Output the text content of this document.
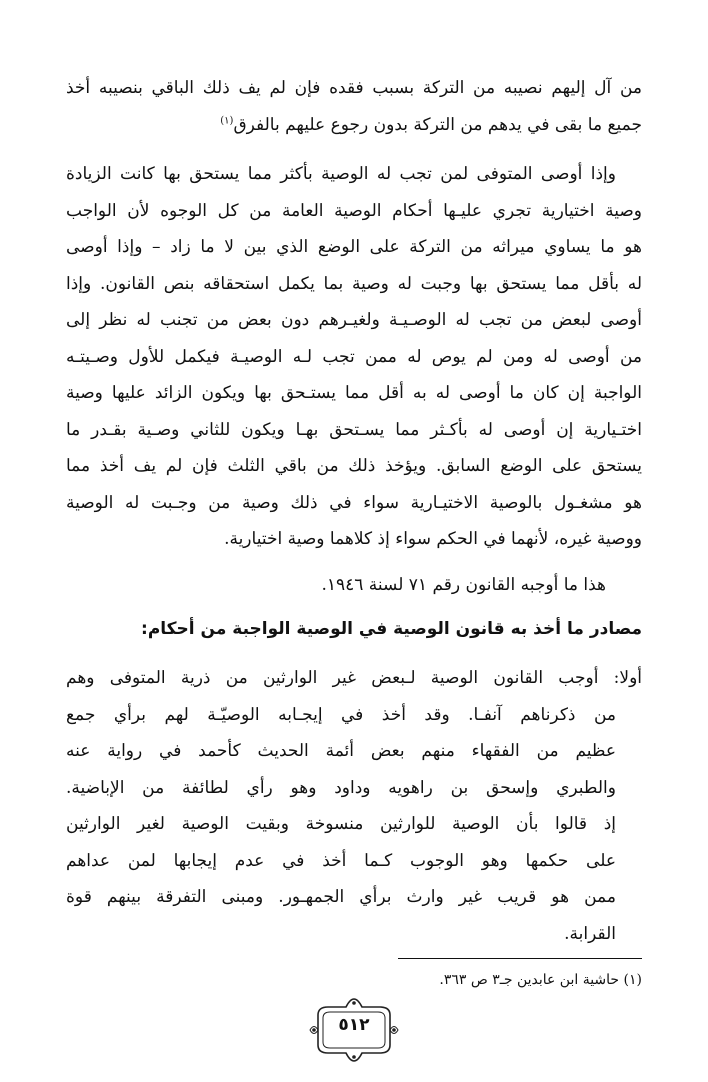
من آل إليهم نصيبه من التركة بسبب فقده فإن لم يف ذلك الباقي بنصيبه أخذ
جميع ما بقى في يدهم من التركة بدون رجوع عليهم بالفرق$^{(١)}$
وإذا أوصى المتوفى لمن تجب له الوصية بأكثر مما يستحق بها كانت الزيادة
وصية اختيارية تجري عليـها أحكام الوصية العامة من كل الوجوه لأن الواجب
هو ما يساوي ميراثه من التركة على الوضع الذي بين لا ما زاد – وإذا أوصى
له بأقل مما يستحق بها وجبت له وصية بما يكمل استحقاقه بنص القانون. وإذا
أوصى لبعض من تجب له الوصـيـة ولغيـرهم دون بعض من تجنب له نظر إلى
من أوصى له ومن لم يوص له ممن تجب لـه الوصيـة فيكمل للأول وصـيتـه
الواجبة إن كان ما أوصى له به أقل مما يستـحق بها ويكون الزائد عليها وصية
اختـيارية إن أوصى له بأكـثر مما يسـتحق بهـا ويكون للثاني وصـية بقـدر ما
يستحق على الوضع السابق. ويؤخذ ذلك من باقي الثلث فإن لم يف أخذ مما
هو مشغـول بالوصية الاختيـارية سواء في ذلك وصية من وجـبت له الوصية
ووصية غيره، لأنهما في الحكم سواء إذ كلاهما وصية اختيارية.
هذا ما أوجبه القانون رقم ٧١ لسنة ١٩٤٦.
مصادر ما أخذ به قانون الوصية في الوصية الواجبة من أحكام:
أولا: أوجب القانون الوصية لـبعض غير الوارثين من ذرية المتوفى وهم
من ذكرناهم آنفـا. وقد أخذ في إيجـابه الوصيّـة لهم برأي جمع
عظيم من الفقهاء منهم بعض أئمة الحديث كأحمد في رواية عنه
والطبري وإسحق بن راهويه وداود وهو رأي لطائفة من الإباضية.
إذ قالوا بأن الوصية للوارثين منسوخة وبقيت الوصية لغير الوارثين
على حكمها وهو الوجوب كـما أخذ في عدم إيجابها لمن عداهم
ممن هو قريب غير وارث برأي الجمهـور. ومبنى التفرقة بينهم قوة
القرابة.
(١) حاشية ابن عابدين جـ٣ ص ٣٦٣.
٥١٢
